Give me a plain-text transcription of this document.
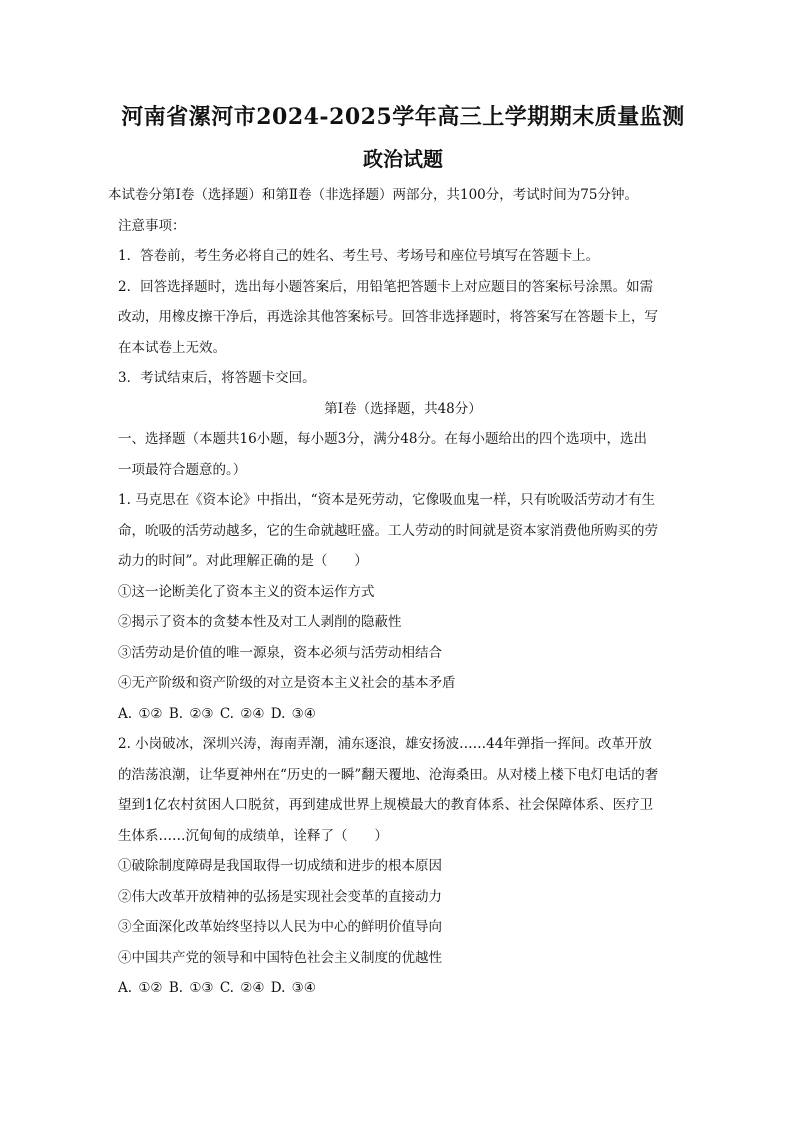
河南省漯河市2024-2025学年高三上学期期末质量监测
政治试题

本试卷分第Ⅰ卷（选择题）和第Ⅱ卷（非选择题）两部分，共100分，考试时间为75分钟。

注意事项：

1．答卷前，考生务必将自己的姓名、考生号、考场号和座位号填写在答题卡上。

2．回答选择题时，选出每小题答案后，用铅笔把答题卡上对应题目的答案标号涂黑。如需

改动，用橡皮擦干净后，再选涂其他答案标号。回答非选择题时，将答案写在答题卡上，写

在本试卷上无效。

3．考试结束后，将答题卡交回。

第Ⅰ卷（选择题，共48分）

一、选择题（本题共16小题，每小题3分，满分48分。在每小题给出的四个选项中，选出

一项最符合题意的。）

1. 马克思在《资本论》中指出，“资本是死劳动，它像吸血鬼一样，只有吮吸活劳动才有生

命，吮吸的活劳动越多，它的生命就越旺盛。工人劳动的时间就是资本家消费他所购买的劳

动力的时间”。对此理解正确的是（　　）

①这一论断美化了资本主义的资本运作方式

②揭示了资本的贪婪本性及对工人剥削的隐蔽性

③活劳动是价值的唯一源泉，资本必须与活劳动相结合

④无产阶级和资产阶级的对立是资本主义社会的基本矛盾

A. ①② B. ②③ C. ②④ D. ③④

2. 小岗破冰，深圳兴涛，海南弄潮，浦东逐浪，雄安扬波……44年弹指一挥间。改革开放

的浩荡浪潮，让华夏神州在“历史的一瞬”翻天覆地、沧海桑田。从对楼上楼下电灯电话的奢

望到1亿农村贫困人口脱贫，再到建成世界上规模最大的教育体系、社会保障体系、医疗卫

生体系……沉甸甸的成绩单，诠释了（　　）

①破除制度障碍是我国取得一切成绩和进步的根本原因

②伟大改革开放精神的弘扬是实现社会变革的直接动力

③全面深化改革始终坚持以人民为中心的鲜明价值导向

④中国共产党的领导和中国特色社会主义制度的优越性

A. ①② B. ①③ C. ②④ D. ③④
